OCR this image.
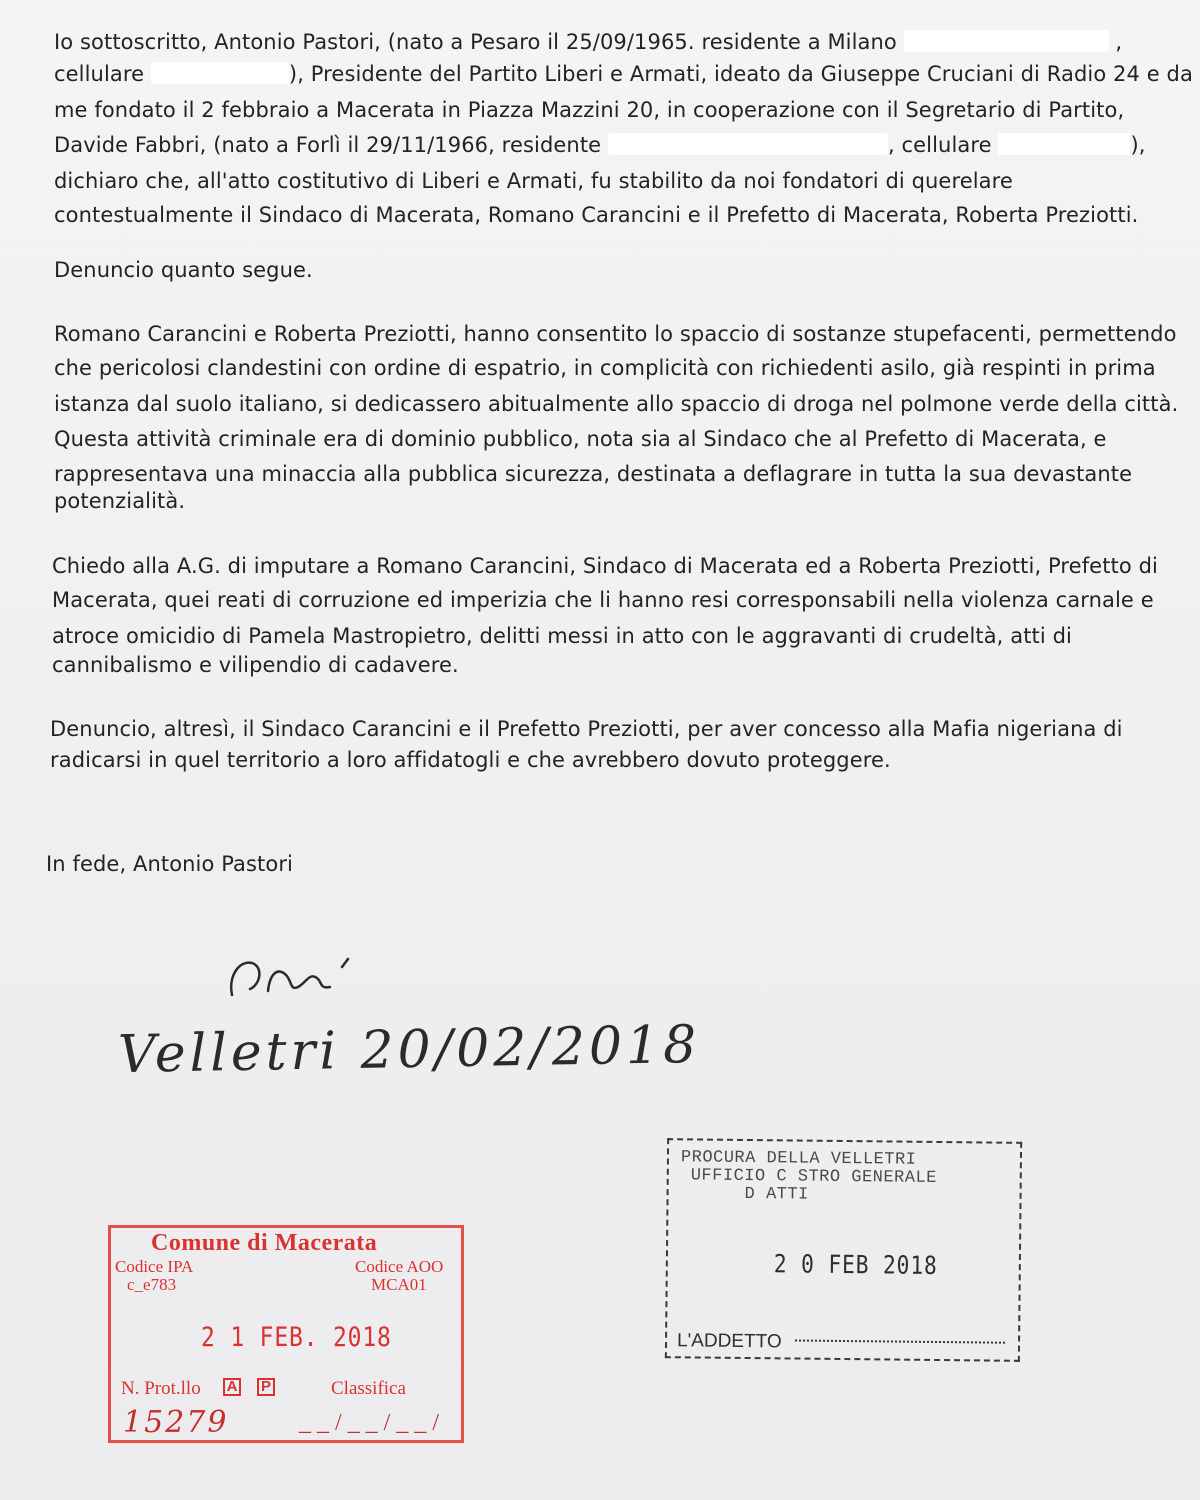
Io sottoscritto, Antonio Pastori, (nato a Pesaro il 25/09/1965. residente a Milano	,
cellulare	), Presidente del Partito Liberi e Armati, ideato da Giuseppe Cruciani di Radio 24 e da
me fondato il 2 febbraio a Macerata in Piazza Mazzini 20, in cooperazione con il Segretario di Partito,
Davide Fabbri, (nato a Forlì il 29/11/1966, residente	, cellulare	),
dichiaro che, all'atto costitutivo di Liberi e Armati, fu stabilito da noi fondatori di querelare
contestualmente il Sindaco di Macerata, Romano Carancini e il Prefetto di Macerata, Roberta Preziotti.
Denuncio quanto segue.
Romano Carancini e Roberta Preziotti, hanno consentito lo spaccio di sostanze stupefacenti, permettendo
che pericolosi clandestini con ordine di espatrio, in complicità con richiedenti asilo, già respinti in prima
istanza dal suolo italiano, si dedicassero abitualmente allo spaccio di droga nel polmone verde della città.
Questa attività criminale era di dominio pubblico, nota sia al Sindaco che al Prefetto di Macerata, e
rappresentava una minaccia alla pubblica sicurezza, destinata a deflagrare in tutta la sua devastante
potenzialità.
Chiedo alla A.G. di imputare a Romano Carancini, Sindaco di Macerata ed a Roberta Preziotti, Prefetto di
Macerata, quei reati di corruzione ed imperizia che li hanno resi corresponsabili nella violenza carnale e
atroce omicidio di Pamela Mastropietro, delitti messi in atto con le aggravanti di crudeltà, atti di
cannibalismo e vilipendio di cadavere.
Denuncio, altresì, il Sindaco Carancini e il Prefetto Preziotti, per aver concesso alla Mafia nigeriana di
radicarsi in quel territorio a loro affidatogli e che avrebbero dovuto proteggere.
In fede, Antonio Pastori
Velletri 20/02/2018
Comune di Macerata
Codice IPA
c_e783
Codice AOO
MCA01
2 1 FEB. 2018
N. Prot.llo A P	Classifica
15279	__/__/__/
PROCURA DELLA VELLETRI
UFFICIO C STRO GENERALE
D ATTI
2 0 FEB 2018
L'ADDETTO
